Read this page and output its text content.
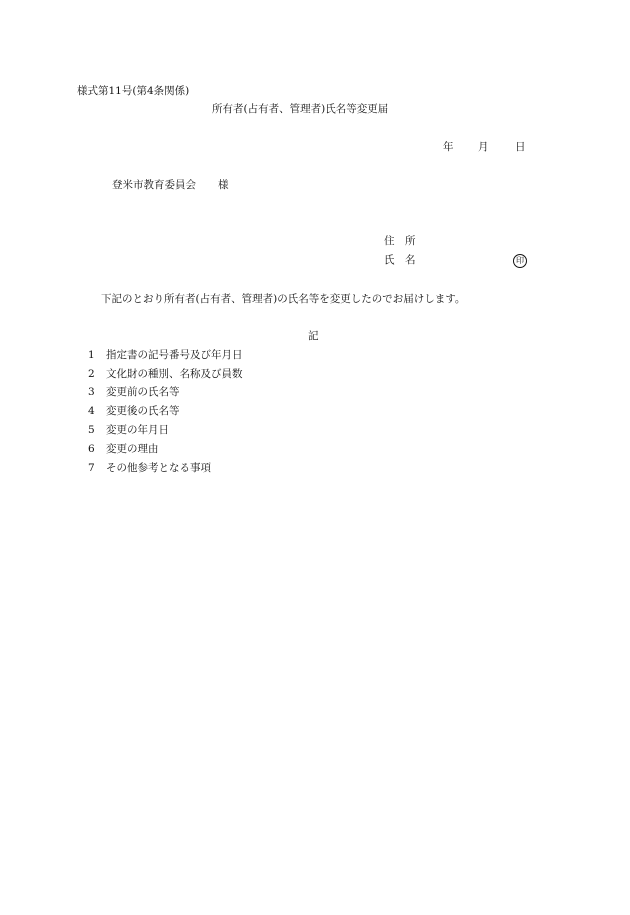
様式第11号(第4条関係)
所有者(占有者、管理者)氏名等変更届
年 月	日
登米市教育委員会 様
住　所
氏　名	印
下記のとおり所有者(占有者、管理者)の氏名等を変更したのでお届けします。
記
1 指定書の記号番号及び年月日
2 文化財の種別、名称及び員数
3 変更前の氏名等
4 変更後の氏名等
5 変更の年月日
6 変更の理由
7 その他参考となる事項
